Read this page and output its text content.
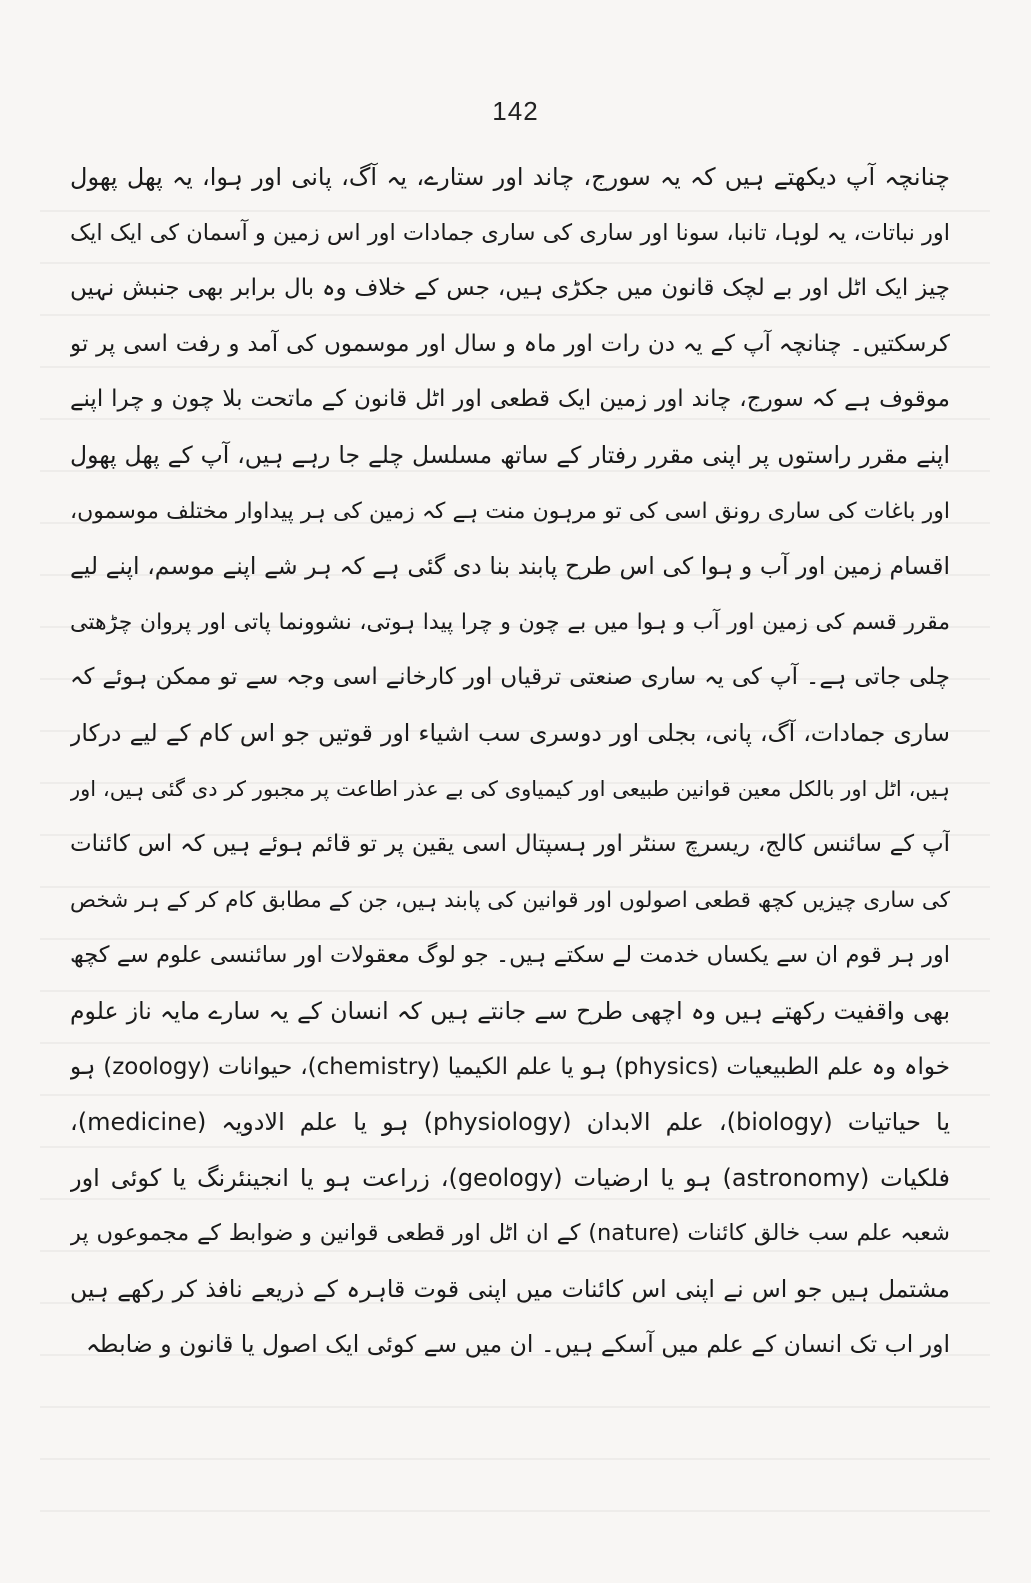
142
چنانچہ آپ دیکھتے ہیں کہ یہ سورج، چاند اور ستارے، یہ آگ، پانی اور ہوا، یہ پھل پھول
اور نباتات، یہ لوہا، تانبا، سونا اور ساری کی ساری جمادات اور اس زمین و آسمان کی ایک ایک
چیز ایک اٹل اور بے لچک قانون میں جکڑی ہیں، جس کے خلاف وہ بال برابر بھی جنبش نہیں
کرسکتیں۔ چنانچہ آپ کے یہ دن رات اور ماہ و سال اور موسموں کی آمد و رفت اسی پر تو
موقوف ہے کہ سورج، چاند اور زمین ایک قطعی اور اٹل قانون کے ماتحت بلا چون و چرا اپنے
اپنے مقرر راستوں پر اپنی مقرر رفتار کے ساتھ مسلسل چلے جا رہے ہیں، آپ کے پھل پھول
اور باغات کی ساری رونق اسی کی تو مرہون منت ہے کہ زمین کی ہر پیداوار مختلف موسموں،
اقسام زمین اور آب و ہوا کی اس طرح پابند بنا دی گئی ہے کہ ہر شے اپنے موسم، اپنے لیے
مقرر قسم کی زمین اور آب و ہوا میں بے چون و چرا پیدا ہوتی، نشوونما پاتی اور پروان چڑھتی
چلی جاتی ہے۔ آپ کی یہ ساری صنعتی ترقیاں اور کارخانے اسی وجہ سے تو ممکن ہوئے کہ
ساری جمادات، آگ، پانی، بجلی اور دوسری سب اشیاء اور قوتیں جو اس کام کے لیے درکار
ہیں، اٹل اور بالکل معین قوانین طبیعی اور کیمیاوی کی بے عذر اطاعت پر مجبور کر دی گئی ہیں، اور
آپ کے سائنس کالج، ریسرچ سنٹر اور ہسپتال اسی یقین پر تو قائم ہوئے ہیں کہ اس کائنات
کی ساری چیزیں کچھ قطعی اصولوں اور قوانین کی پابند ہیں، جن کے مطابق کام کر کے ہر شخص
اور ہر قوم ان سے یکساں خدمت لے سکتے ہیں۔ جو لوگ معقولات اور سائنسی علوم سے کچھ
بھی واقفیت رکھتے ہیں وہ اچھی طرح سے جانتے ہیں کہ انسان کے یہ سارے مایہ ناز علوم
خواہ وہ علم الطبیعیات (physics) ہو یا علم الکیمیا (chemistry)، حیوانات (zoology) ہو
یا حیاتیات (biology)، علم الابدان (physiology) ہو یا علم الادویہ (medicine)،
فلکیات (astronomy) ہو یا ارضیات (geology)، زراعت ہو یا انجینئرنگ یا کوئی اور
شعبہ علم سب خالق کائنات (nature) کے ان اٹل اور قطعی قوانین و ضوابط کے مجموعوں پر
مشتمل ہیں جو اس نے اپنی اس کائنات میں اپنی قوت قاہرہ کے ذریعے نافذ کر رکھے ہیں
اور اب تک انسان کے علم میں آسکے ہیں۔ ان میں سے کوئی ایک اصول یا قانون و ضابطہ
